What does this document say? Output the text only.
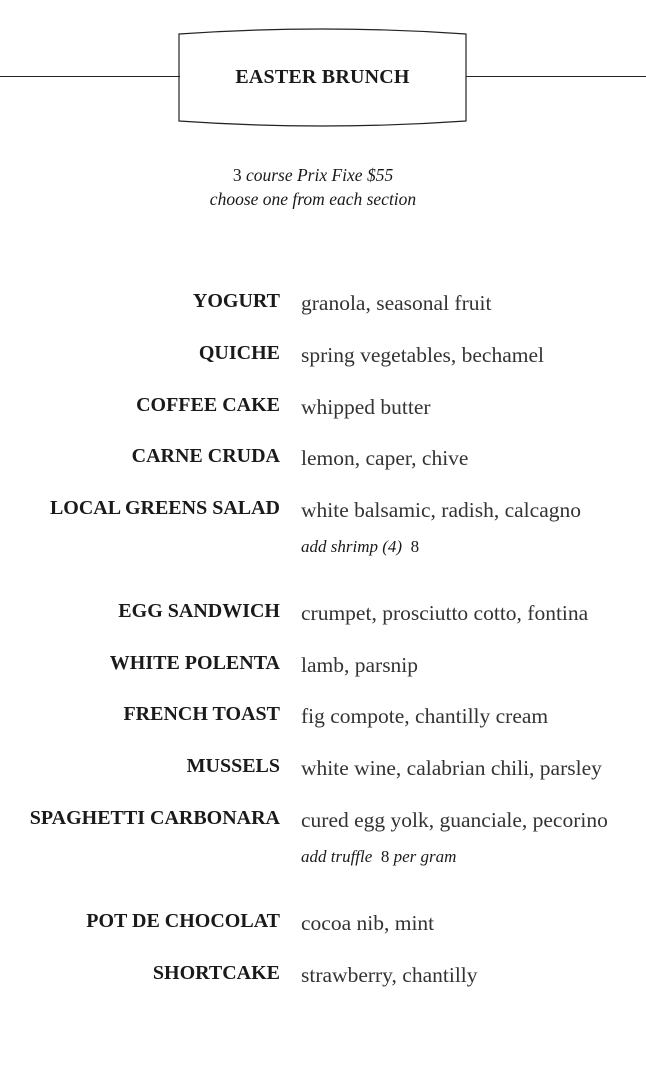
EASTER BRUNCH
3 course Prix Fixe $55
choose one from each section
YOGURT granola, seasonal fruit
QUICHE spring vegetables, bechamel
COFFEE CAKE whipped butter
CARNE CRUDA lemon, caper, chive
LOCAL GREENS SALAD white balsamic, radish, calcagno
add shrimp (4) 8
EGG SANDWICH crumpet, prosciutto cotto, fontina
WHITE POLENTA lamb, parsnip
FRENCH TOAST fig compote, chantilly cream
MUSSELS white wine, calabrian chili, parsley
SPAGHETTI CARBONARA cured egg yolk, guanciale, pecorino
add truffle 8 per gram
POT DE CHOCOLAT cocoa nib, mint
SHORTCAKE strawberry, chantilly
